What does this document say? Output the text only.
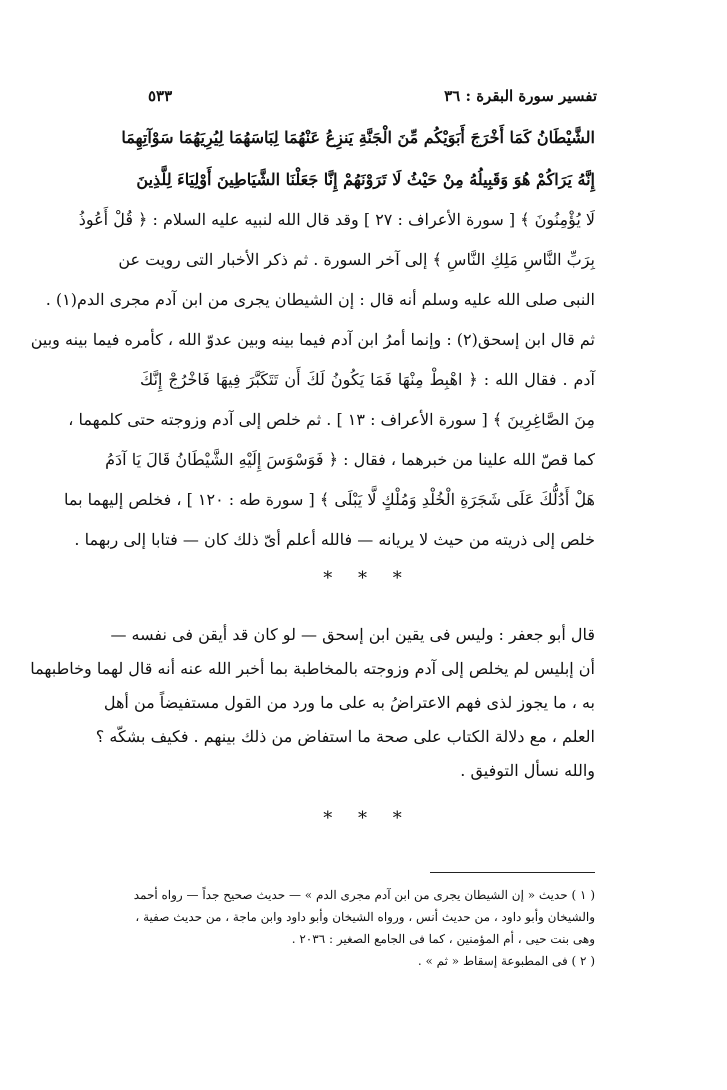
تفسير سورة البقرة : ٣٦
٥٣٣
الشَّيْطَانُ كَمَا أَخْرَجَ أَبَوَيْكُم مِّنَ الْجَنَّةِ يَنزِعُ عَنْهُمَا لِبَاسَهُمَا لِيُرِيَهُمَا سَوْآتِهِمَا
إِنَّهُ يَرَاكُمْ هُوَ وَقَبِيلُهُ مِنْ حَيْثُ لَا تَرَوْنَهُمْ إِنَّا جَعَلْنَا الشَّيَاطِينَ أَوْلِيَاءَ لِلَّذِينَ
لَا يُؤْمِنُونَ ﴾ [ سورة الأعراف : ٢٧ ] وقد قال الله لنبيه عليه السلام : ﴿ قُلْ أَعُوذُ
بِرَبِّ النَّاسِ مَلِكِ النَّاسِ ﴾ إلى آخر السورة . ثم ذكر الأخبار التى رويت عن
النبى صلى الله عليه وسلم أنه قال : إن الشيطان يجرى من ابن آدم مجرى الدم(١) .
ثم قال ابن إسحق(٢) : وإنما أمرُ ابن آدم فيما بينه وبين عدوّ الله ، كأمره فيما بينه وبين
آدم . فقال الله : ﴿ اهْبِطْ مِنْهَا فَمَا يَكُونُ لَكَ أَن تَتَكَبَّرَ فِيهَا فَاخْرُجْ إِنَّكَ
مِنَ الصَّاغِرِينَ ﴾ [ سورة الأعراف : ١٣ ] . ثم خلص إلى آدم وزوجته حتى كلمهما ،
كما قصّ الله علينا من خبرهما ، فقال : ﴿ فَوَسْوَسَ إِلَيْهِ الشَّيْطَانُ قَالَ يَا آدَمُ
هَلْ أَدُلُّكَ عَلَى شَجَرَةِ الْخُلْدِ وَمُلْكٍ لَّا يَبْلَى ﴾ [ سورة طه : ١٢٠ ] ، فخلص إليهما بما
خلص إلى ذريته من حيث لا يريانه — فالله أعلم أىّ ذلك كان — فتابا إلى ربهما .
* * *
قال أبو جعفر : وليس فى يقين ابن إسحق — لو كان قد أيقن فى نفسه —
أن إبليس لم يخلص إلى آدم وزوجته بالمخاطبة بما أخبر الله عنه أنه قال لهما وخاطبهما
به ، ما يجوز لذى فهم الاعتراضُ به على ما ورد من القول مستفيضاً من أهل
العلم ، مع دلالة الكتاب على صحة ما استفاض من ذلك بينهم . فكيف بشكّه ؟
والله نسأل التوفيق .
* * *
( ١ ) حديث « إن الشيطان يجرى من ابن آدم مجرى الدم » — حديث صحيح جداً — رواه أحمد
والشيخان وأبو داود ، من حديث أنس ، ورواه الشيخان وأبو داود وابن ماجة ، من حديث صفية ،
وهى بنت حيى ، أم المؤمنين ، كما فى الجامع الصغير : ٢٠٣٦ .
( ٢ ) فى المطبوعة إسقاط « ثم » .
